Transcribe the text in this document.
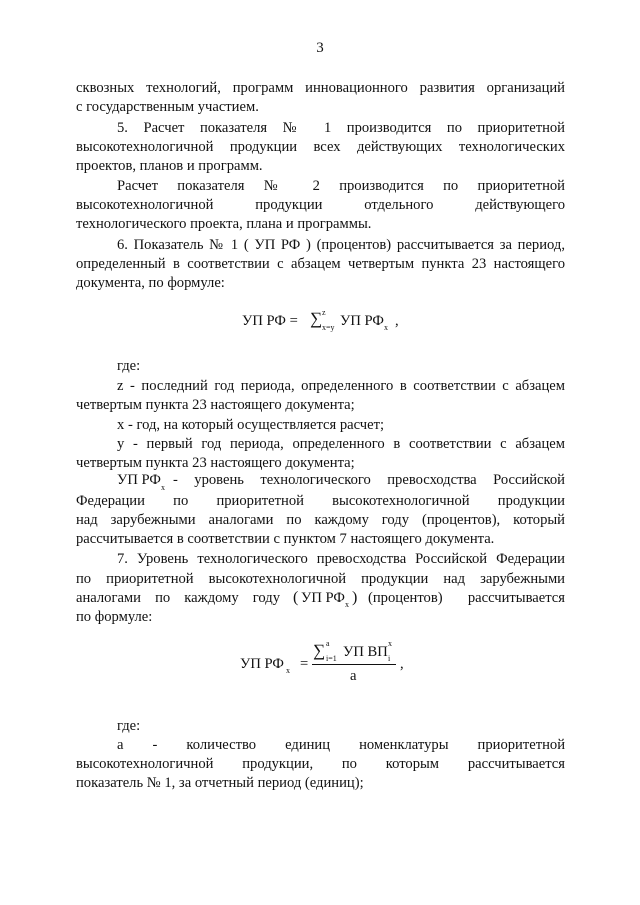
3
сквозных технологий, программ инновационного развития организаций
с государственным участием.
5. Расчет показателя № 1 производится по приоритетной
высокотехнологичной продукции всех действующих технологических
проектов, планов и программ.
Расчет показателя № 2 производится по приоритетной
высокотехнологичной продукции отдельного действующего
технологического проекта, плана и программы.
6. Показатель № 1 ( УП РФ ) (процентов) рассчитывается за период,
определенный в соответствии с абзацем четвертым пункта 23 настоящего
документа, по формуле:
УП РФ = ∑ z
x=y УП РФ x ,
где:
z - последний год периода, определенного в соответствии с абзацем
четвертым пункта 23 настоящего документа;
x - год, на который осуществляется расчет;
y - первый год периода, определенного в соответствии с абзацем
четвертым пункта 23 настоящего документа;
УП РФ x - уровень технологического превосходства Российской
Федерации по приоритетной высокотехнологичной продукции
над зарубежными аналогами по каждому году (процентов), который
рассчитывается в соответствии с пунктом 7 настоящего документа.
7. Уровень технологического превосходства Российской Федерации
по приоритетной высокотехнологичной продукции над зарубежными
аналогами по каждому году ( УП РФ x ) (процентов) рассчитывается
по формуле:
УП РФ x =
∑ a
i=1 УП ВП
x
i
a
,
где:
a - количество единиц номенклатуры приоритетной
высокотехнологичной продукции, по которым рассчитывается
показатель № 1, за отчетный период (единиц);
